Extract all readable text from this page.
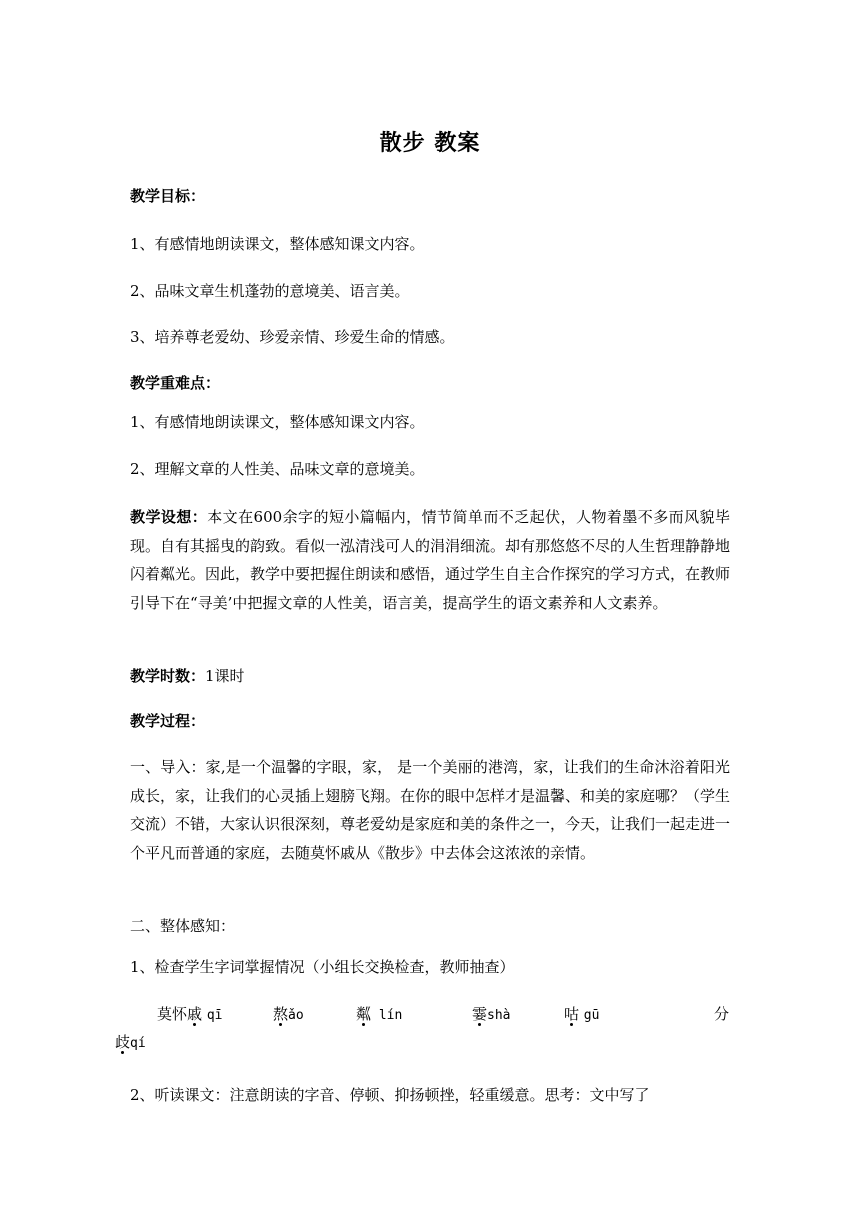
散步 教案
教学目标：
1、有感情地朗读课文，整体感知课文内容。
2、品味文章生机蓬勃的意境美、语言美。
3、培养尊老爱幼、珍爱亲情、珍爱生命的情感。
教学重难点：
1、有感情地朗读课文，整体感知课文内容。
2、理解文章的人性美、品味文章的意境美。
教学设想：本文在600余字的短小篇幅内，情节简单而不乏起伏，人物着墨不多而风貌毕现。自有其摇曳的韵致。看似一泓清浅可人的涓涓细流。却有那悠悠不尽的人生哲理静静地闪着粼光。因此，教学中要把握住朗读和感悟，通过学生自主合作探究的学习方式，在教师引导下在“寻美’中把握文章的人性美，语言美，提高学生的语文素养和人文素养。
教学时数：1课时
教学过程：
一、导入：家,是一个温馨的字眼，家， 是一个美丽的港湾，家，让我们的生命沐浴着阳光成长，家，让我们的心灵插上翅膀飞翔。在你的眼中怎样才是温馨、和美的家庭哪？（学生交流）不错，大家认识很深刻，尊老爱幼是家庭和美的条件之一，今天，让我们一起走进一个平凡而普通的家庭，去随莫怀戚从《散步》中去体会这浓浓的亲情。
二、整体感知：
1、检查学生字词掌握情况（小组长交换检查，教师抽查）
莫怀戚 qī	熬ǎo	粼 lín	霎shà	咕 gū	分
歧qí
2、听读课文：注意朗读的字音、停顿、抑扬顿挫，轻重缓意。思考：文中写了
